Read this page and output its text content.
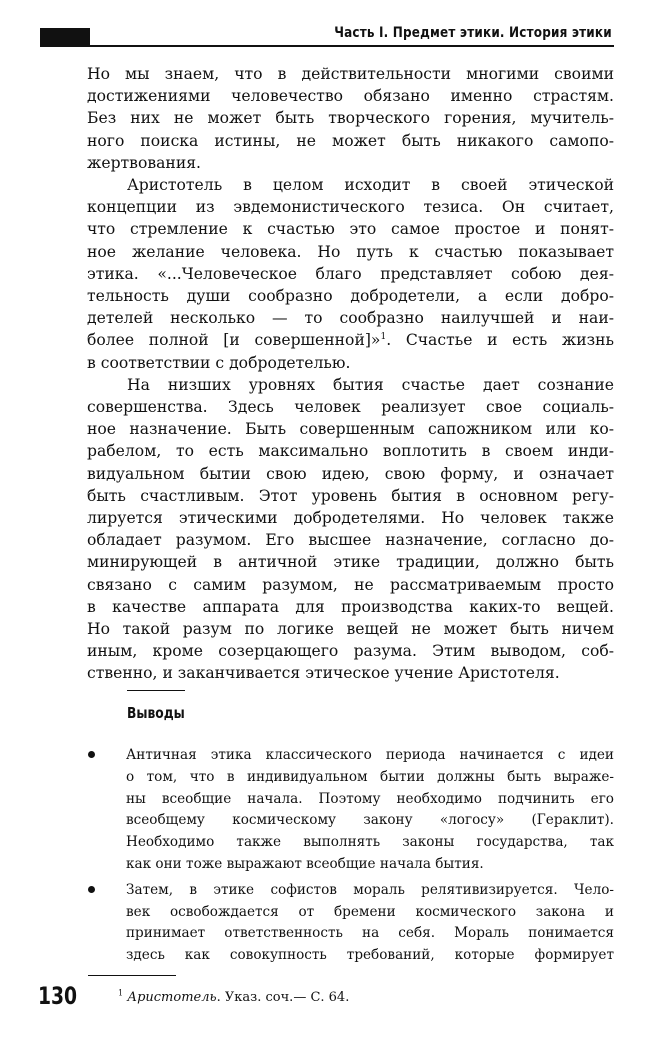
Часть I. Предмет этики. История этики

Но мы знаем, что в действительности многими своими
достижениями человечество обязано именно страстям.
Без них не может быть творческого горения, мучитель-
ного поиска истины, не может быть никакого самопо-
жертвования.

Аристотель в целом исходит в своей этической
концепции из эвдемонистического тезиса. Он считает,
что стремление к счастью это самое простое и понят-
ное желание человека. Но путь к счастью показывает
этика. «...Человеческое благо представляет собою дея-
тельность души сообразно добродетели, а если добро-
детелей несколько — то сообразно наилучшей и наи-
более полной [и совершенной]»$^1$. Счастье и есть жизнь
в соответствии с добродетелью.

На низших уровнях бытия счастье дает сознание
совершенства. Здесь человек реализует свое социаль-
ное назначение. Быть совершенным сапожником или ко-
рабелом, то есть максимально воплотить в своем инди-
видуальном бытии свою идею, свою форму, и означает
быть счастливым. Этот уровень бытия в основном регу-
лируется этическими добродетелями. Но человек также
обладает разумом. Его высшее назначение, согласно до-
минирующей в античной этике традиции, должно быть
связано с самим разумом, не рассматриваемым просто
в качестве аппарата для производства каких-то вещей.
Но такой разум по логике вещей не может быть ничем
иным, кроме созерцающего разума. Этим выводом, соб-
ственно, и заканчивается этическое учение Аристотеля.

Выводы
Античная этика классического периода начинается с идеи
о том, что в индивидуальном бытии должны быть выраже-
ны всеобщие начала. Поэтому необходимо подчинить его
всеобщему космическому закону «логосу» (Гераклит).
Необходимо также выполнять законы государства, так
как они тоже выражают всеобщие начала бытия.
Затем, в этике софистов мораль релятивизируется. Чело-
век освобождается от бремени космического закона и
принимает ответственность на себя. Мораль понимается
здесь как совокупность требований, которые формирует
130	$^1$ Аристотель. Указ. соч.— С. 64.
